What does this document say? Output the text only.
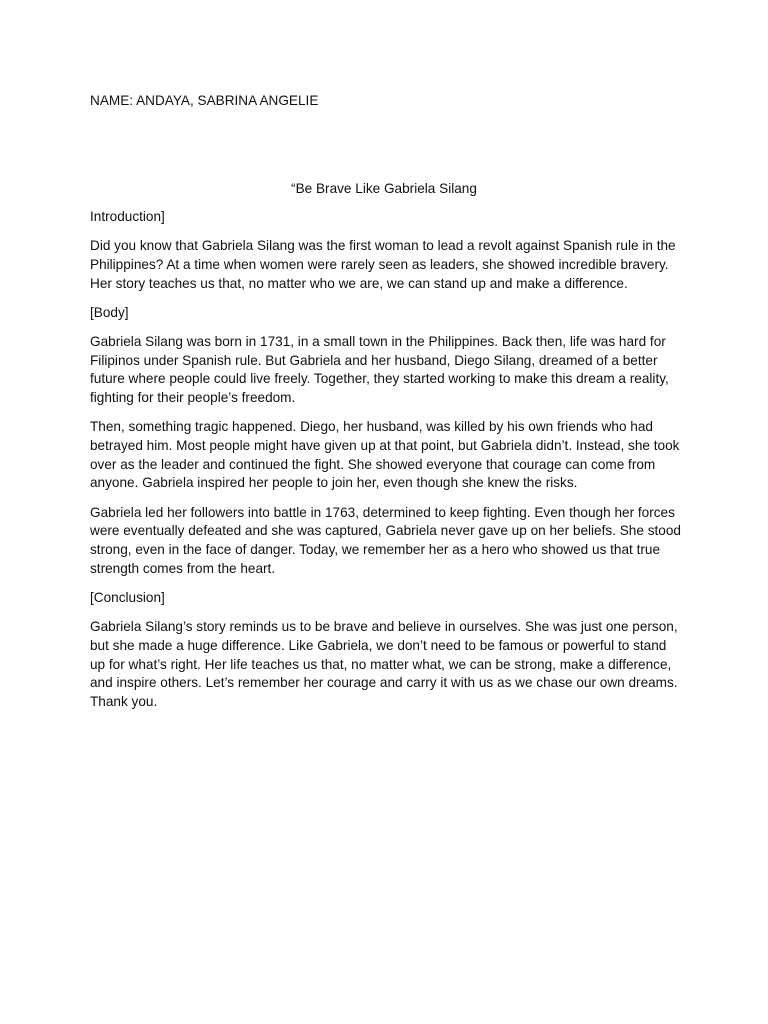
NAME: ANDAYA, SABRINA ANGELIE
“Be Brave Like Gabriela Silang

Introduction]

Did you know that Gabriela Silang was the first woman to lead a revolt against Spanish rule in the Philippines? At a time when women were rarely seen as leaders, she showed incredible bravery. Her story teaches us that, no matter who we are, we can stand up and make a difference.

[Body]

Gabriela Silang was born in 1731, in a small town in the Philippines. Back then, life was hard for Filipinos under Spanish rule. But Gabriela and her husband, Diego Silang, dreamed of a better future where people could live freely. Together, they started working to make this dream a reality, fighting for their people’s freedom.

Then, something tragic happened. Diego, her husband, was killed by his own friends who had betrayed him. Most people might have given up at that point, but Gabriela didn’t. Instead, she took over as the leader and continued the fight. She showed everyone that courage can come from anyone. Gabriela inspired her people to join her, even though she knew the risks.

Gabriela led her followers into battle in 1763, determined to keep fighting. Even though her forces were eventually defeated and she was captured, Gabriela never gave up on her beliefs. She stood strong, even in the face of danger. Today, we remember her as a hero who showed us that true strength comes from the heart.

[Conclusion]

Gabriela Silang’s story reminds us to be brave and believe in ourselves. She was just one person, but she made a huge difference. Like Gabriela, we don’t need to be famous or powerful to stand up for what’s right. Her life teaches us that, no matter what, we can be strong, make a difference, and inspire others. Let’s remember her courage and carry it with us as we chase our own dreams. Thank you.
